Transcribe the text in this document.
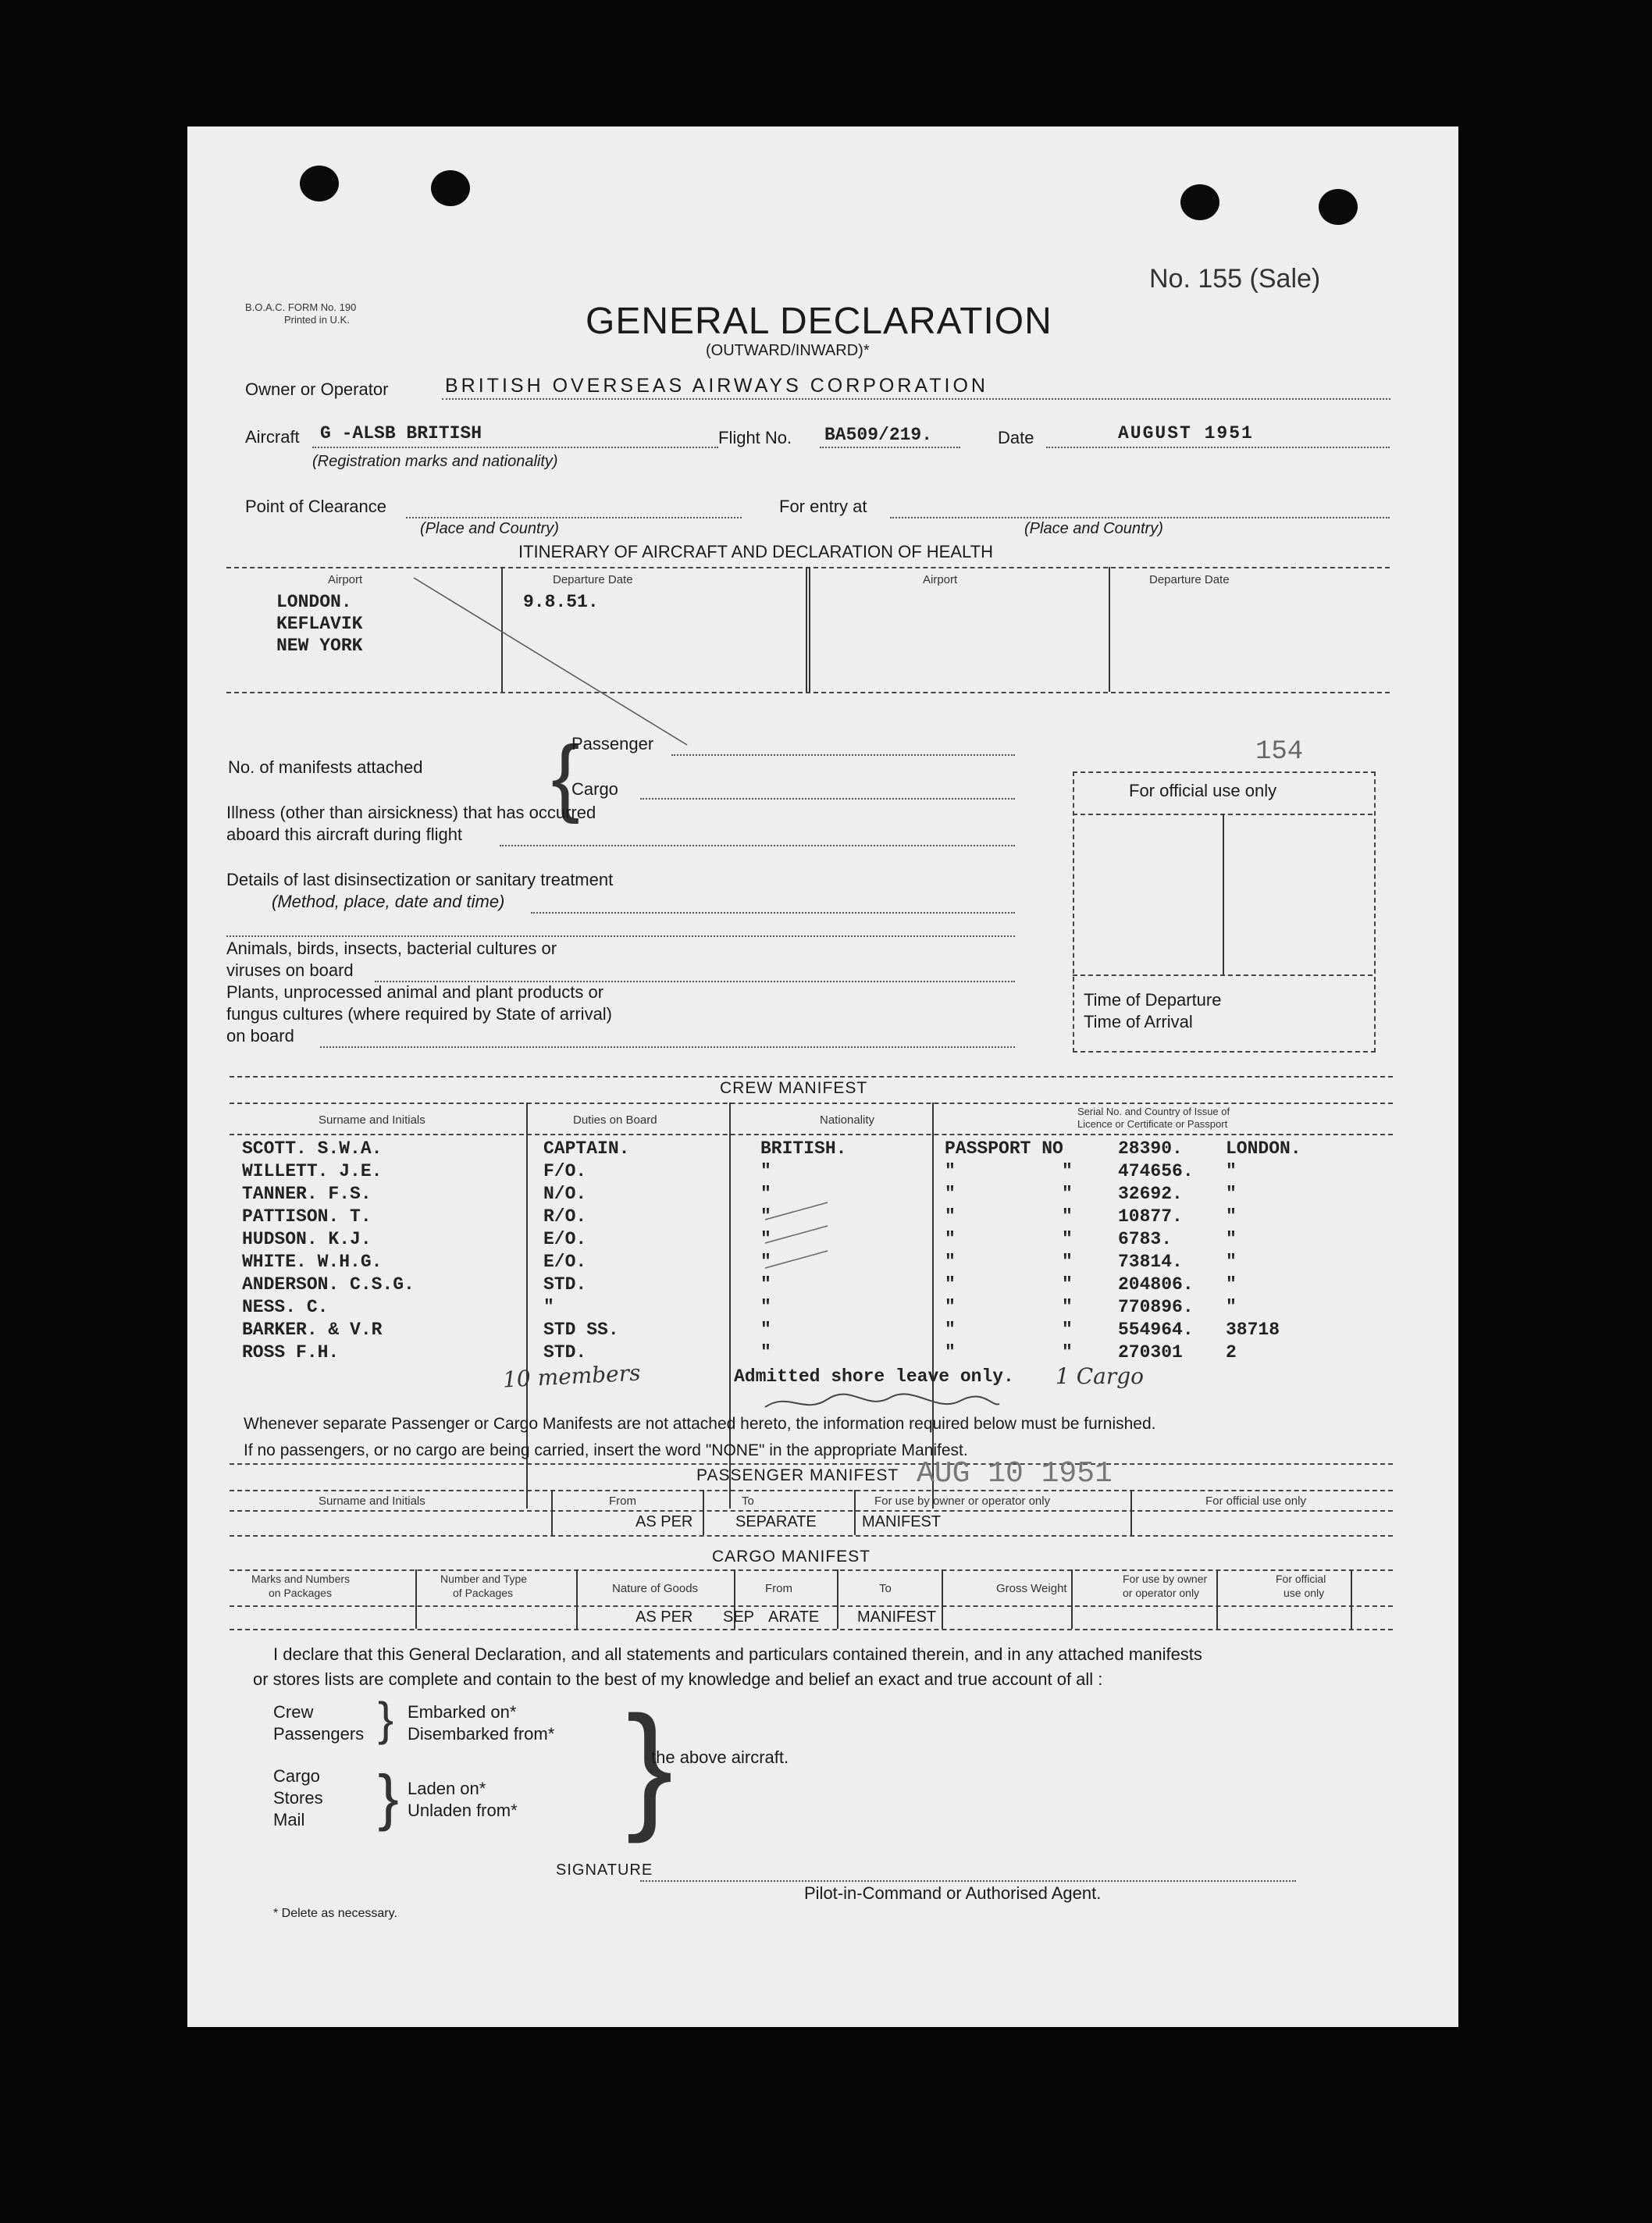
B.O.A.C. FORM No. 190
Printed in U.K.	GENERAL DECLARATION
(OUTWARD/INWARD)*
No. 155 (Sale)
Owner or Operator	BRITISH OVERSEAS AIRWAYS CORPORATION
Aircraft G -ALSB BRITISH
(Registration marks and nationality)
Flight No. BA509/219.	Date	AUGUST 1951
Point of Clearance
(Place and Country)
For entry at
(Place and Country)
ITINERARY OF AIRCRAFT AND DECLARATION OF HEALTH
Airport	Departure Date	Airport	Departure Date
LONDON.
KEFLAVIK
NEW YORK
9.8.51.
No. of manifests attached {
Passenger
Cargo
154
Illness (other than airsickness) that has occurred
aboard this aircraft during flight
Details of last disinsectization or sanitary treatment
(Method, place, date and time)
Animals, birds, insects, bacterial cultures or
viruses on board
Plants, unprocessed animal and plant products or
fungus cultures (where required by State of arrival)
on board
For official use only
Time of Departure
Time of Arrival
CREW MANIFEST
Surname and Initials	Duties on Board	Nationality
Serial No. and Country of Issue of
Licence or Certificate or Passport
SCOTT. S.W.A.	CAPTAIN.	BRITISH.	PASSPORT NO	28390. LONDON.
WILLETT. J.E.	F/O.	"	"	"	474656. "
TANNER. F.S.	N/O.	"	"	"	32692. "
PATTISON. T.	R/O.	"	"	"	10877. "
HUDSON. K.J.	E/O.	"	"	"	6783.	"
WHITE. W.H.G.	E/O.	"	"	"	73814. "
ANDERSON. C.S.G.	STD.	"	"	"	204806. "
NESS. C.	"	"	"	"	770896. "
BARKER. & V.R	STD SS.	"	"	"	554964. 38718
ROSS F.H.	STD.	"	"	"	270301 2
10 members	Admitted shore leave only. 1 Cargo
Whenever separate Passenger or Cargo Manifests are not attached hereto, the information required below must be furnished.
If no passengers, or no cargo are being carried, insert the word "NONE" in the appropriate Manifest.
PASSENGER MANIFEST AUG 10 1951
Surname and Initials	From	To	For use by owner or operator only	For official use only
AS PER	SEPARATE	MANIFEST
CARGO MANIFEST
Marks and Numbers
on Packages
Number and Type
of Packages	Nature of Goods	From	To	Gross Weight
For use by owner
or operator only
For official
use only
AS PER SEP ARATE MANIFEST
I declare that this General Declaration, and all statements and particulars contained therein, and in any attached manifests
or stores lists are complete and contain to the best of my knowledge and belief an exact and true account of all :
Crew
Passengers } Embarked on*
Disembarked from* }
the above aircraft.
Cargo
Stores
Mail } Laden on*
Unladen from*
SIGNATURE
Pilot-in-Command or Authorised Agent.
* Delete as necessary.
